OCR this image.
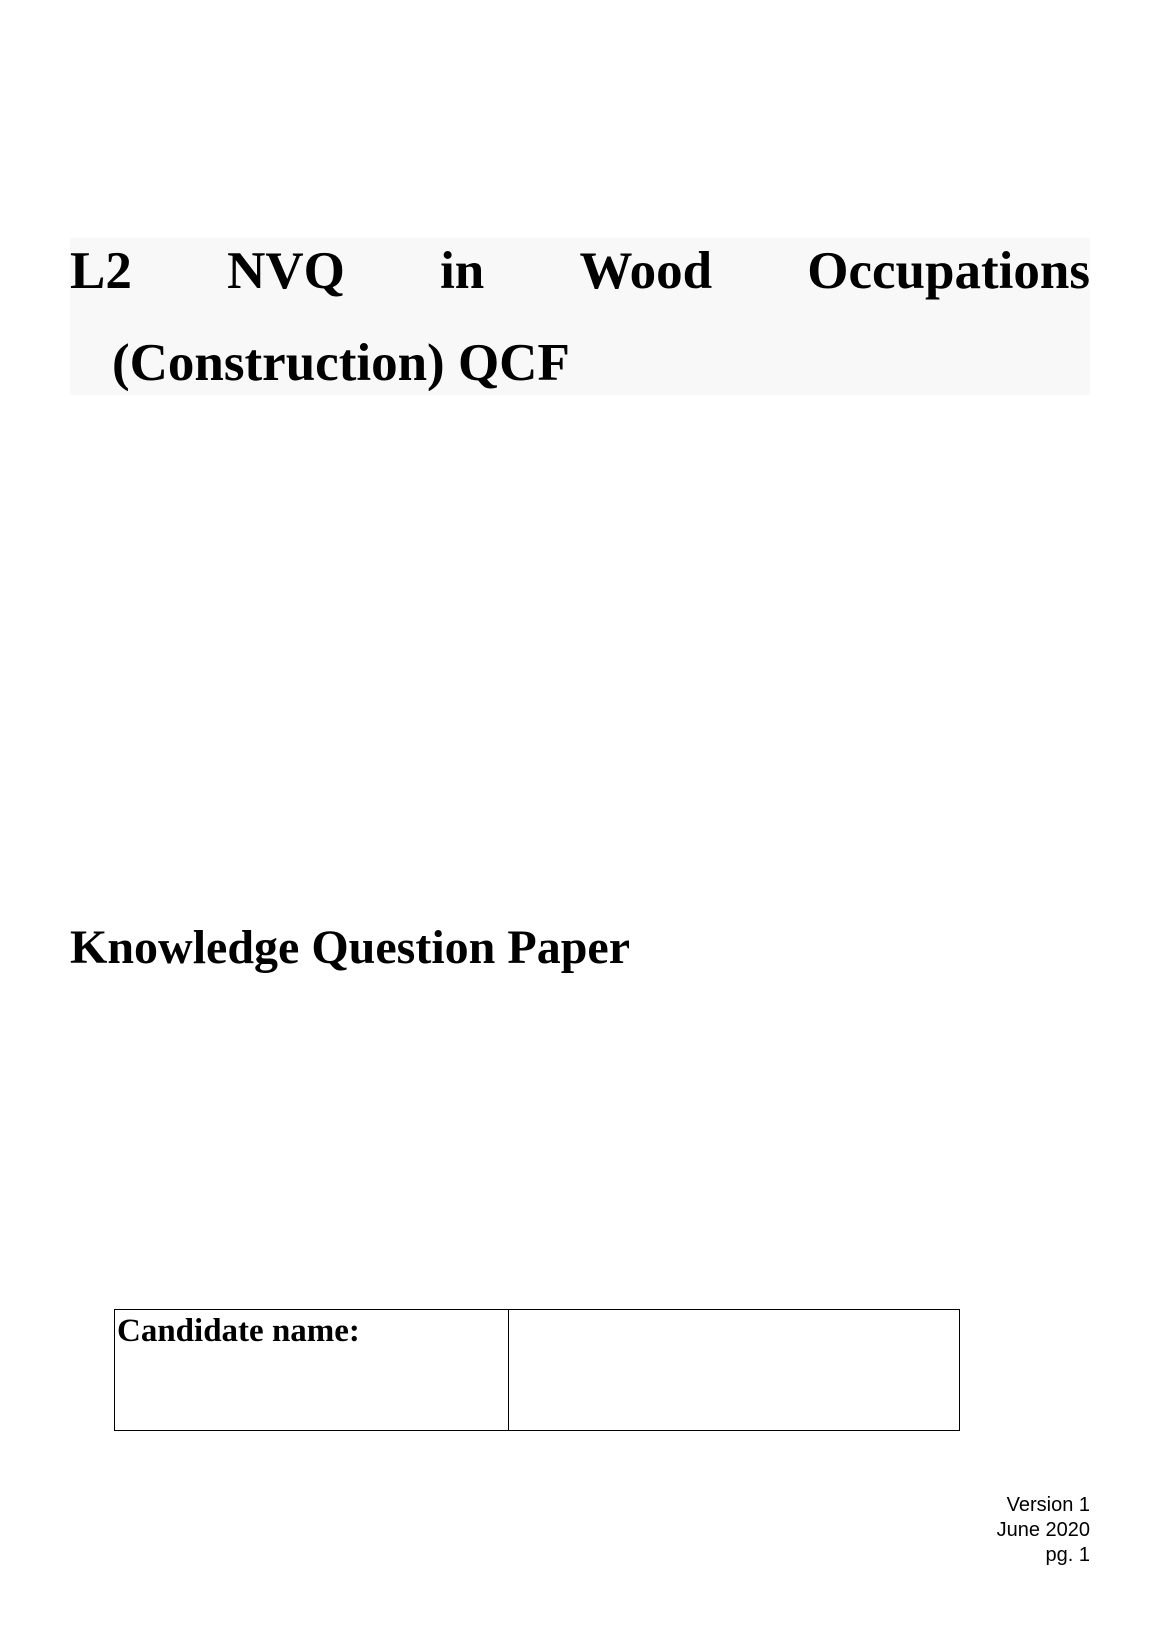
L2 NVQ in Wood Occupations
(Construction) QCF
Knowledge Question Paper
Candidate name:	
Version 1
June 2020
pg. 1
